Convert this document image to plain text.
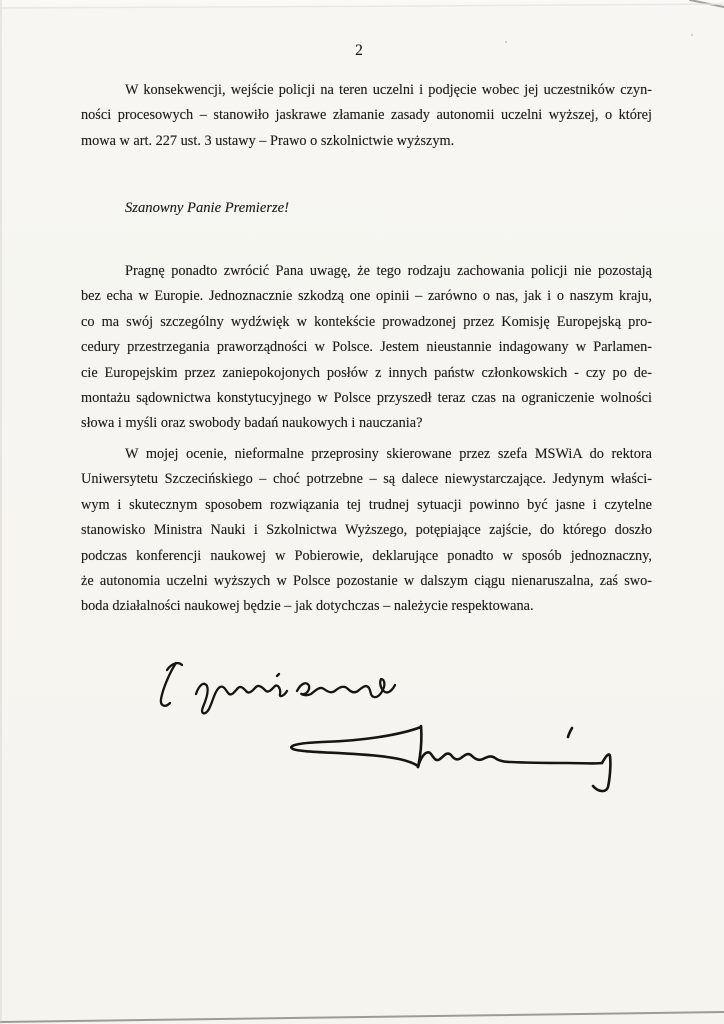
2
W konsekwencji, wejście policji na teren uczelni i podjęcie wobec jej uczestników czyn-
ności procesowych – stanowiło jaskrawe złamanie zasady autonomii uczelni wyższej, o której
mowa w art. 227 ust. 3 ustawy – Prawo o szkolnictwie wyższym.
Szanowny Panie Premierze!
Pragnę ponadto zwrócić Pana uwagę, że tego rodzaju zachowania policji nie pozostają
bez echa w Europie. Jednoznacznie szkodzą one opinii – zarówno o nas, jak i o naszym kraju,
co ma swój szczególny wydźwięk w kontekście prowadzonej przez Komisję Europejską pro-
cedury przestrzegania praworządności w Polsce. Jestem nieustannie indagowany w Parlamen-
cie Europejskim przez zaniepokojonych posłów z innych państw członkowskich - czy po de-
montażu sądownictwa konstytucyjnego w Polsce przyszedł teraz czas na ograniczenie wolności
słowa i myśli oraz swobody badań naukowych i nauczania?
W mojej ocenie, nieformalne przeprosiny skierowane przez szefa MSWiA do rektora
Uniwersytetu Szczecińskiego – choć potrzebne – są dalece niewystarczające. Jedynym właści-
wym i skutecznym sposobem rozwiązania tej trudnej sytuacji powinno być jasne i czytelne
stanowisko Ministra Nauki i Szkolnictwa Wyższego, potępiające zajście, do którego doszło
podczas konferencji naukowej w Pobierowie, deklarujące ponadto w sposób jednoznaczny,
że autonomia uczelni wyższych w Polsce pozostanie w dalszym ciągu nienaruszalna, zaś swo-
boda działalności naukowej będzie – jak dotychczas – należycie respektowana.
